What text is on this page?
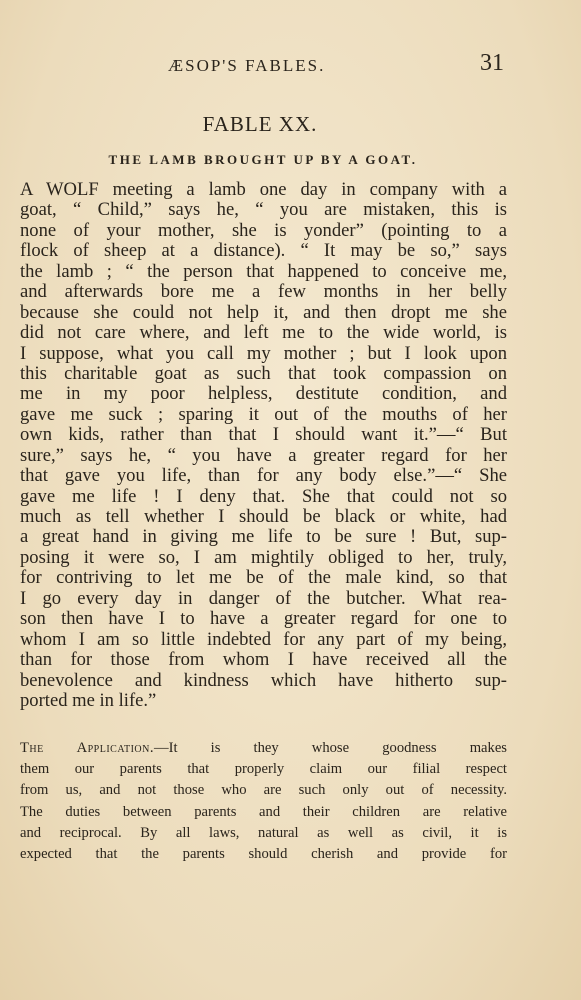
ÆSOP'S FABLES.	31
FABLE XX.
THE LAMB BROUGHT UP BY A GOAT.
A WOLF meeting a lamb one day in company with a
goat, “ Child,” says he, “ you are mistaken, this is
none of your mother, she is yonder” (pointing to a
flock of sheep at a distance). “ It may be so,” says
the lamb ; “ the person that happened to conceive me,
and afterwards bore me a few months in her belly
because she could not help it, and then dropt me she
did not care where, and left me to the wide world, is
I suppose, what you call my mother ; but I look upon
this charitable goat as such that took compassion on
me in my poor helpless, destitute condition, and
gave me suck ; sparing it out of the mouths of her
own kids, rather than that I should want it.”—“ But
sure,” says he, “ you have a greater regard for her
that gave you life, than for any body else.”—“ She
gave me life ! I deny that. She that could not so
much as tell whether I should be black or white, had
a great hand in giving me life to be sure ! But, sup-
posing it were so, I am mightily obliged to her, truly,
for contriving to let me be of the male kind, so that
I go every day in danger of the butcher. What rea-
son then have I to have a greater regard for one to
whom I am so little indebted for any part of my being,
than for those from whom I have received all the
benevolence and kindness which have hitherto sup-
ported me in life.”
The Application.—It is they whose goodness makes
them our parents that properly claim our filial respect
from us, and not those who are such only out of necessity.
The duties between parents and their children are relative
and reciprocal. By all laws, natural as well as civil, it is
expected that the parents should cherish and provide for
